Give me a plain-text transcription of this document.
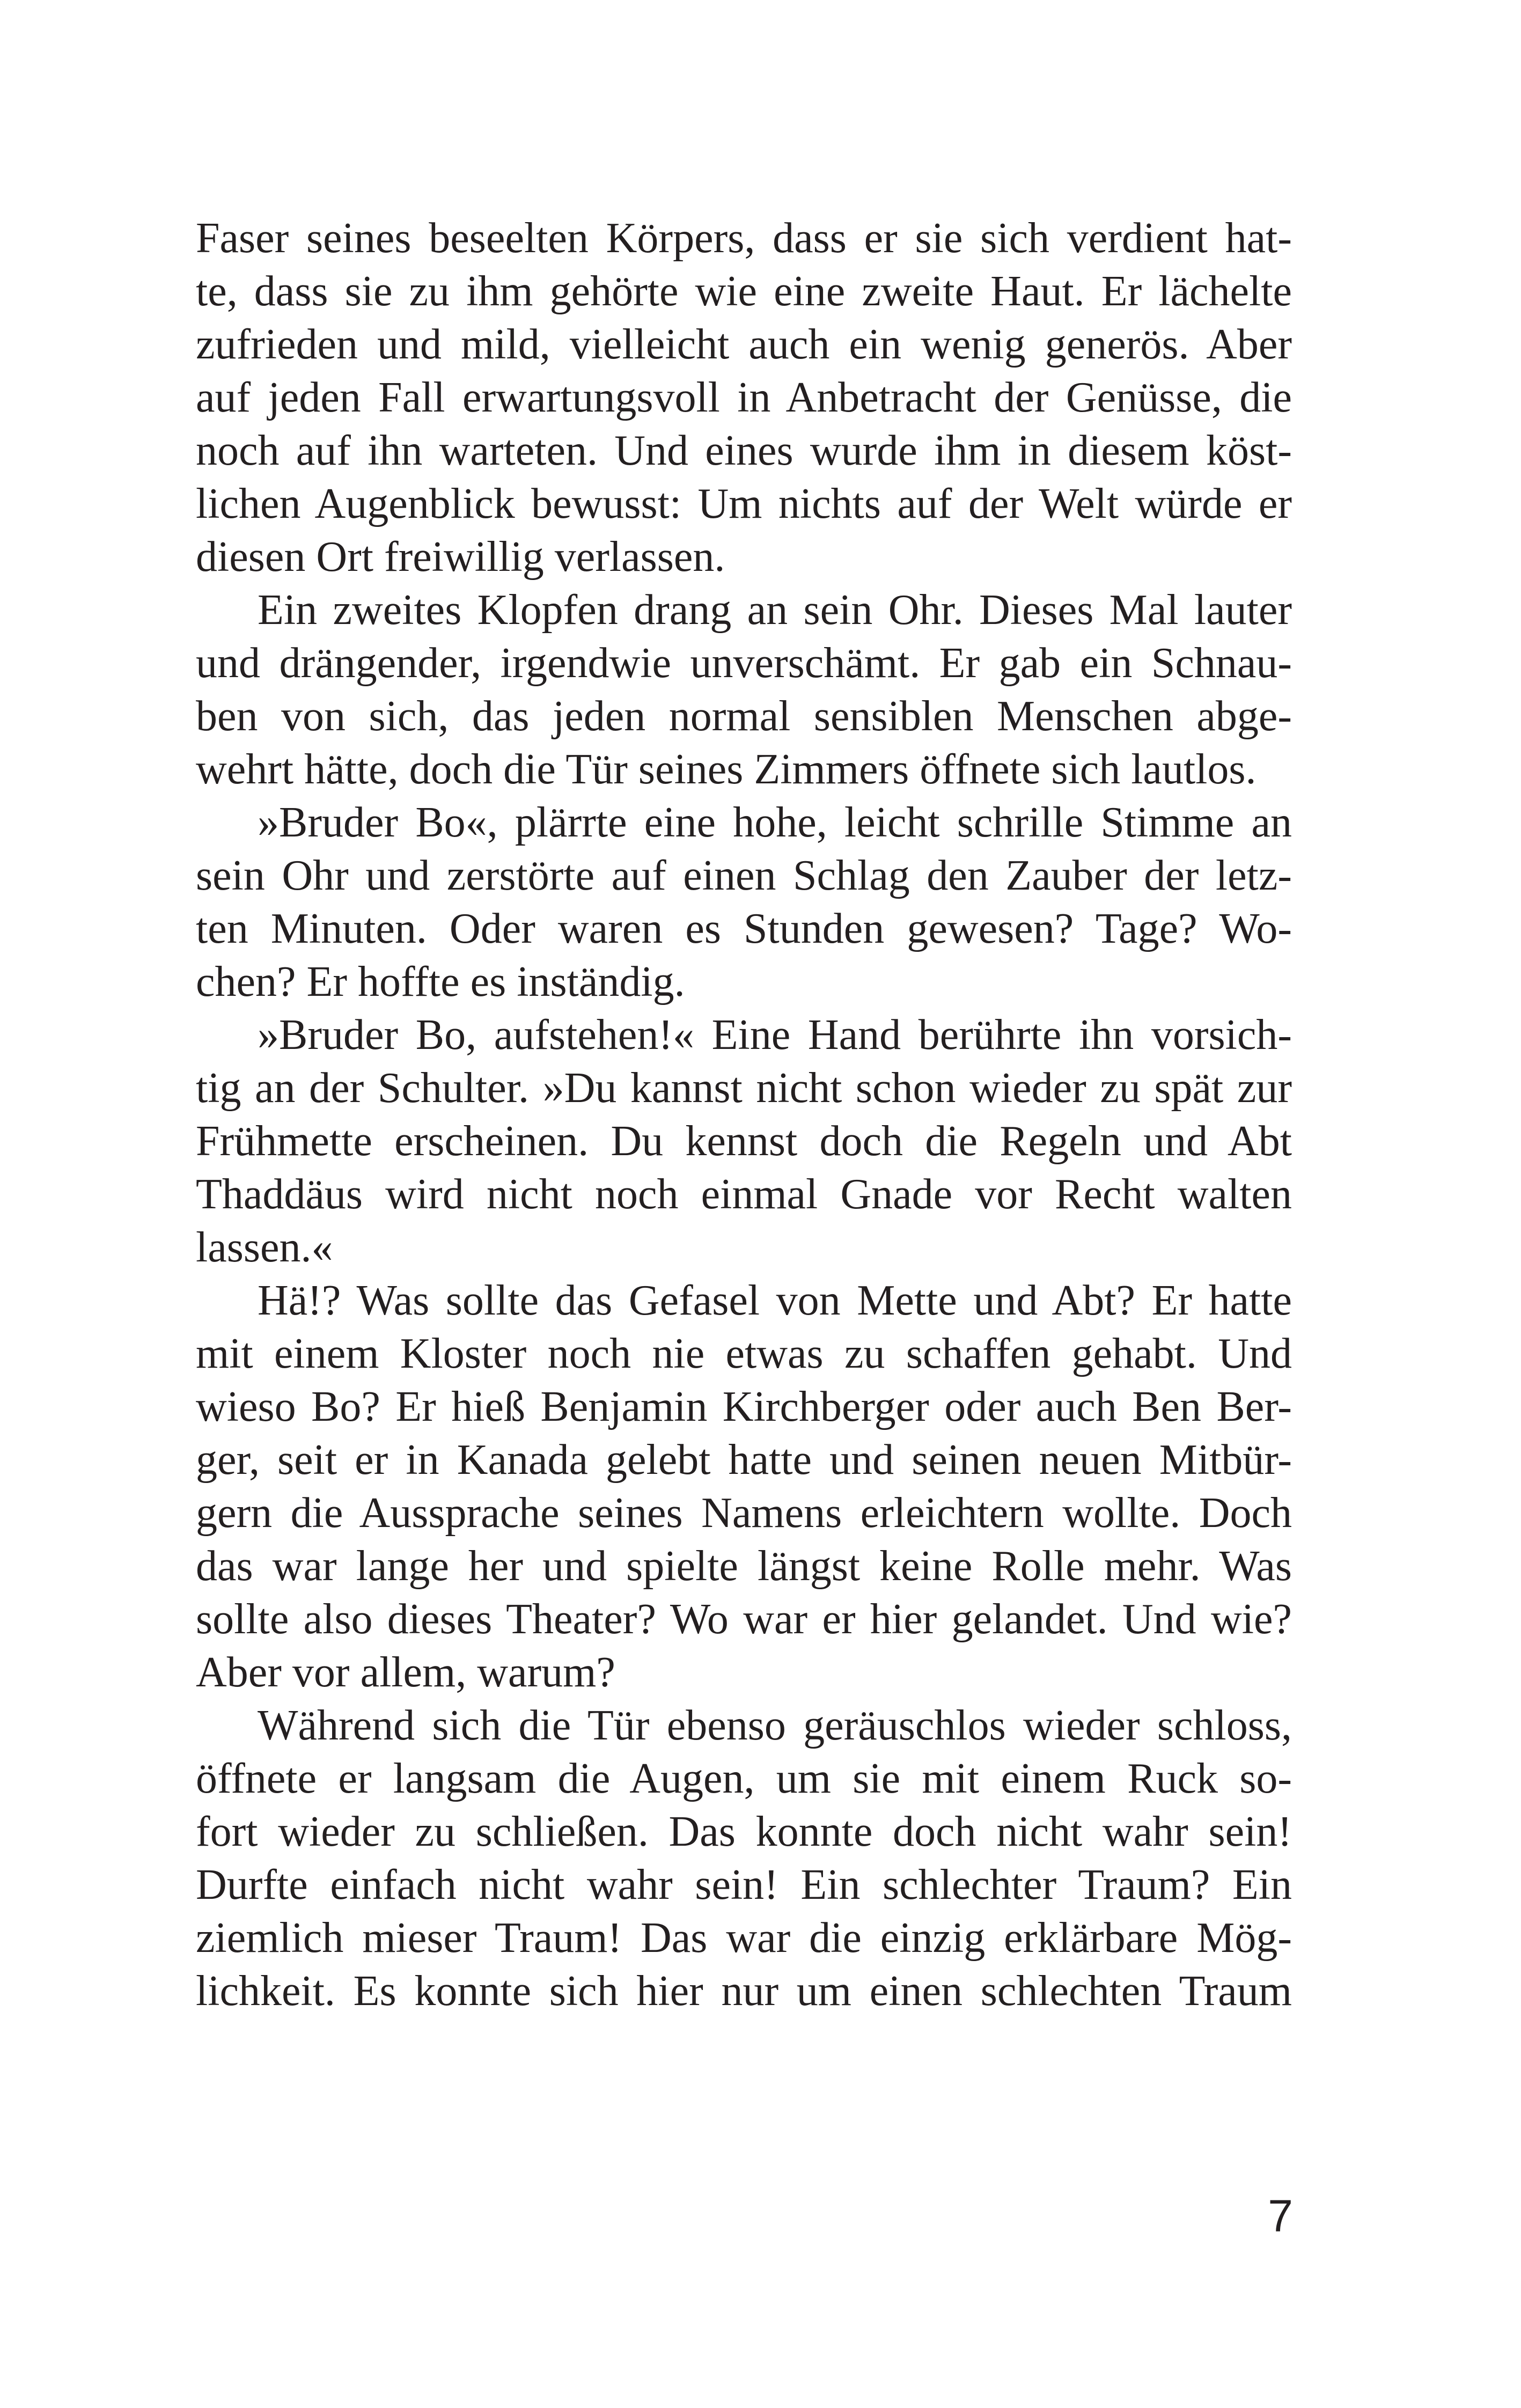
Faser seines beseelten Körpers, dass er sie sich verdient hat-
te, dass sie zu ihm gehörte wie eine zweite Haut. Er lächelte
zufrieden und mild, vielleicht auch ein wenig generös. Aber
auf jeden Fall erwartungsvoll in Anbetracht der Genüsse, die
noch auf ihn warteten. Und eines wurde ihm in diesem köst-
lichen Augenblick bewusst: Um nichts auf der Welt würde er
diesen Ort freiwillig verlassen.
Ein zweites Klopfen drang an sein Ohr. Dieses Mal lauter
und drängender, irgendwie unverschämt. Er gab ein Schnau-
ben von sich, das jeden normal sensiblen Menschen abge-
wehrt hätte, doch die Tür seines Zimmers öffnete sich lautlos.
»Bruder Bo«, plärrte eine hohe, leicht schrille Stimme an
sein Ohr und zerstörte auf einen Schlag den Zauber der letz-
ten Minuten. Oder waren es Stunden gewesen? Tage? Wo-
chen? Er hoffte es inständig.
»Bruder Bo, aufstehen!« Eine Hand berührte ihn vorsich-
tig an der Schulter. »Du kannst nicht schon wieder zu spät zur
Frühmette erscheinen. Du kennst doch die Regeln und Abt
Thaddäus wird nicht noch einmal Gnade vor Recht walten
lassen.«
Hä!? Was sollte das Gefasel von Mette und Abt? Er hatte
mit einem Kloster noch nie etwas zu schaffen gehabt. Und
wieso Bo? Er hieß Benjamin Kirchberger oder auch Ben Ber-
ger, seit er in Kanada gelebt hatte und seinen neuen Mitbür-
gern die Aussprache seines Namens erleichtern wollte. Doch
das war lange her und spielte längst keine Rolle mehr. Was
sollte also dieses Theater? Wo war er hier gelandet. Und wie?
Aber vor allem, warum?
Während sich die Tür ebenso geräuschlos wieder schloss,
öffnete er langsam die Augen, um sie mit einem Ruck so-
fort wieder zu schließen. Das konnte doch nicht wahr sein!
Durfte einfach nicht wahr sein! Ein schlechter Traum? Ein
ziemlich mieser Traum! Das war die einzig erklärbare Mög-
lichkeit. Es konnte sich hier nur um einen schlechten Traum
7
